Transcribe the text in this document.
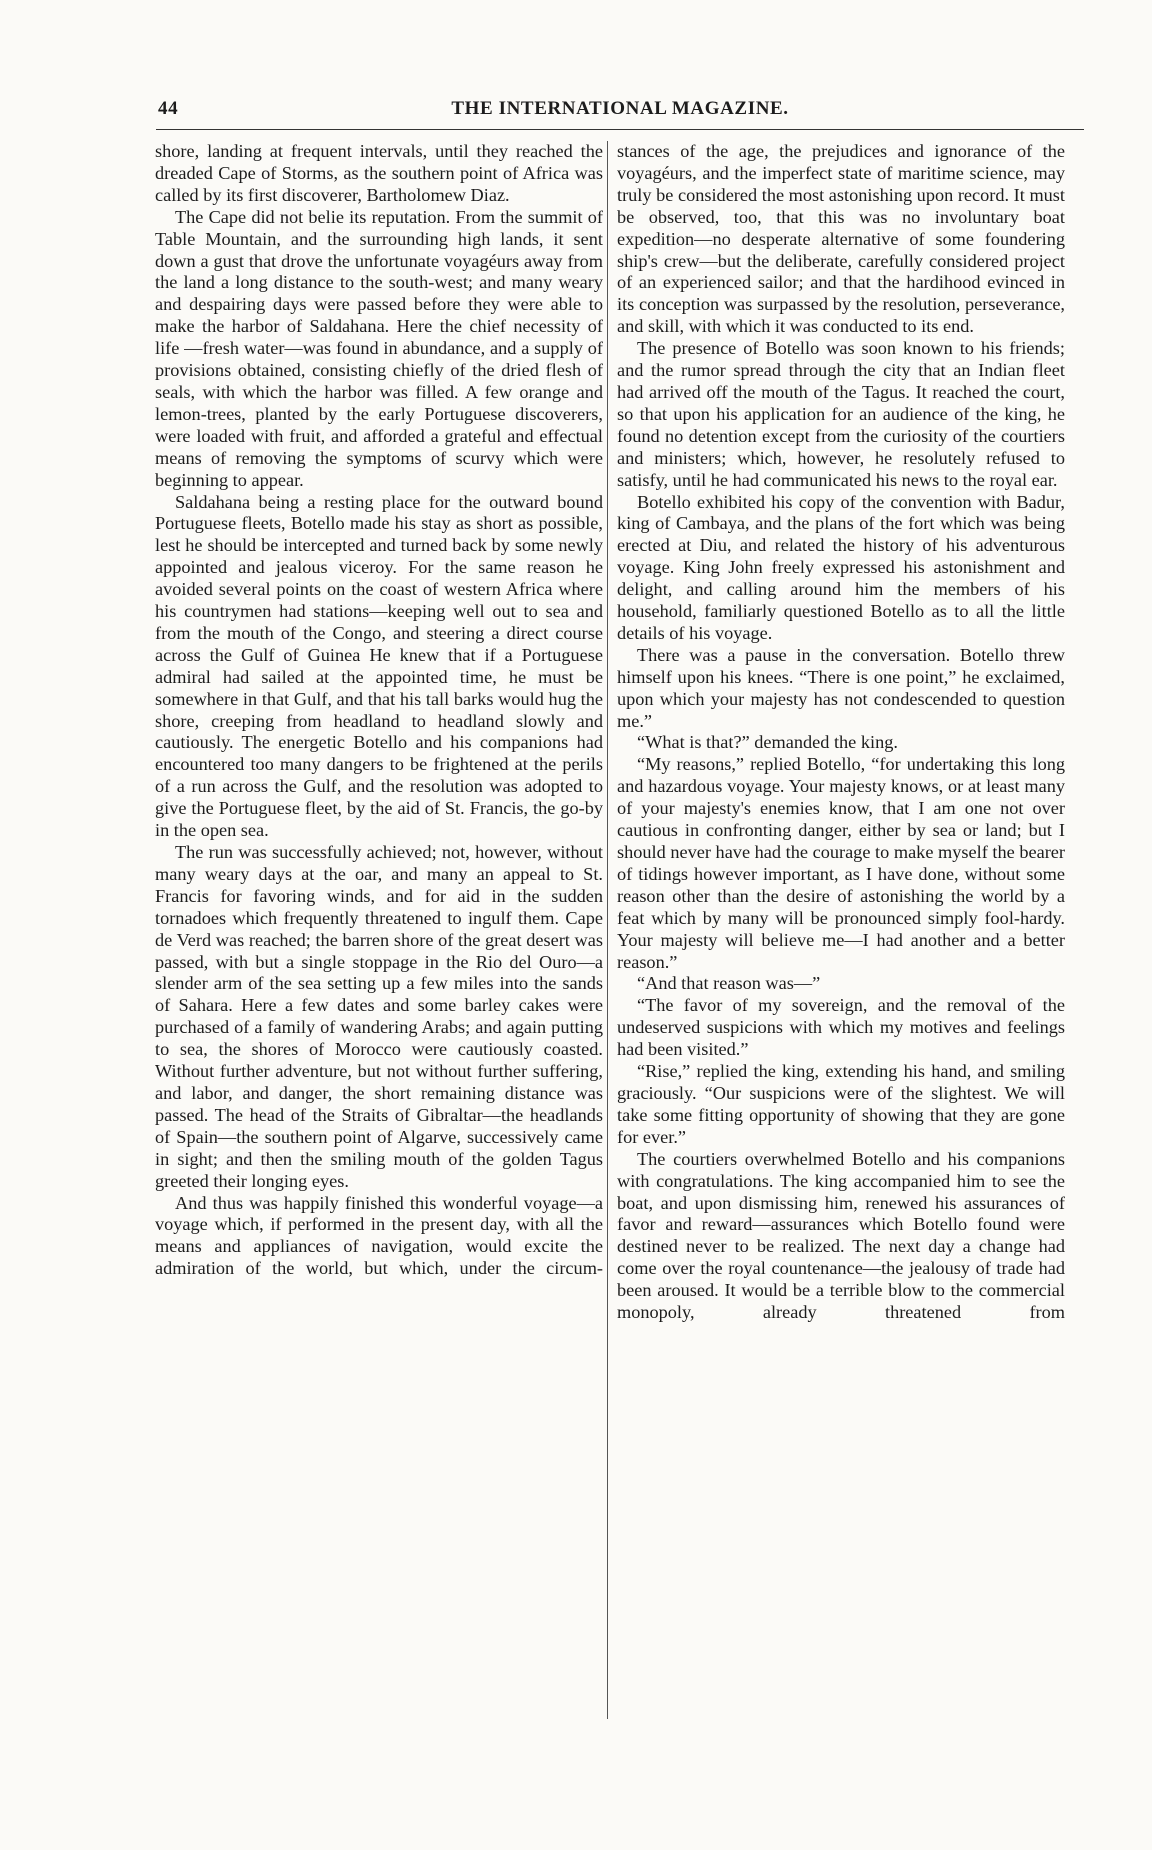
44	THE INTERNATIONAL MAGAZINE.

shore, landing at frequent intervals, until they reached the dreaded Cape of Storms, as the southern point of Africa was called by its first discoverer, Bartholomew Diaz.

The Cape did not belie its reputation. From the summit of Table Mountain, and the surrounding high lands, it sent down a gust that drove the unfortunate voyagéurs away from the land a long distance to the south-west; and many weary and despairing days were passed before they were able to make the harbor of Saldahana. Here the chief necessity of life —fresh water—was found in abundance, and a supply of provisions obtained, consisting chiefly of the dried flesh of seals, with which the harbor was filled. A few orange and lemon-trees, planted by the early Portuguese discoverers, were loaded with fruit, and afforded a grateful and effectual means of removing the symptoms of scurvy which were beginning to appear.

Saldahana being a resting place for the outward bound Portuguese fleets, Botello made his stay as short as possible, lest he should be intercepted and turned back by some newly appointed and jealous viceroy. For the same reason he avoided several points on the coast of western Africa where his countrymen had stations—keeping well out to sea and from the mouth of the Congo, and steering a direct course across the Gulf of Guinea He knew that if a Portuguese admiral had sailed at the appointed time, he must be somewhere in that Gulf, and that his tall barks would hug the shore, creeping from headland to headland slowly and cautiously. The energetic Botello and his companions had encountered too many dangers to be frightened at the perils of a run across the Gulf, and the resolution was adopted to give the Portuguese fleet, by the aid of St. Francis, the go-by in the open sea.

The run was successfully achieved; not, however, without many weary days at the oar, and many an appeal to St. Francis for favoring winds, and for aid in the sudden tornadoes which frequently threatened to ingulf them. Cape de Verd was reached; the barren shore of the great desert was passed, with but a single stoppage in the Rio del Ouro—a slender arm of the sea setting up a few miles into the sands of Sahara. Here a few dates and some barley cakes were purchased of a family of wandering Arabs; and again putting to sea, the shores of Morocco were cautiously coasted. Without further adventure, but not without further suffering, and labor, and danger, the short remaining distance was passed. The head of the Straits of Gibraltar—the headlands of Spain—the southern point of Algarve, successively came in sight; and then the smiling mouth of the golden Tagus greeted their longing eyes.

And thus was happily finished this wonderful voyage—a voyage which, if performed in the present day, with all the means and appliances of navigation, would excite the admiration of the world, but which, under the circum-

stances of the age, the prejudices and ignorance of the voyagéurs, and the imperfect state of maritime science, may truly be considered the most astonishing upon record. It must be observed, too, that this was no involuntary boat expedition—no desperate alternative of some foundering ship's crew—but the deliberate, carefully considered project of an experienced sailor; and that the hardihood evinced in its conception was surpassed by the resolution, perseverance, and skill, with which it was conducted to its end.

The presence of Botello was soon known to his friends; and the rumor spread through the city that an Indian fleet had arrived off the mouth of the Tagus. It reached the court, so that upon his application for an audience of the king, he found no detention except from the curiosity of the courtiers and ministers; which, however, he resolutely refused to satisfy, until he had communicated his news to the royal ear.

Botello exhibited his copy of the convention with Badur, king of Cambaya, and the plans of the fort which was being erected at Diu, and related the history of his adventurous voyage. King John freely expressed his astonishment and delight, and calling around him the members of his household, familiarly questioned Botello as to all the little details of his voyage.

There was a pause in the conversation. Botello threw himself upon his knees. “There is one point,” he exclaimed, upon which your majesty has not condescended to question me.”

“What is that?” demanded the king.

“My reasons,” replied Botello, “for undertaking this long and hazardous voyage. Your majesty knows, or at least many of your majesty's enemies know, that I am one not over cautious in confronting danger, either by sea or land; but I should never have had the courage to make myself the bearer of tidings however important, as I have done, without some reason other than the desire of astonishing the world by a feat which by many will be pronounced simply fool-hardy. Your majesty will believe me—I had another and a better reason.”

“And that reason was—”

“The favor of my sovereign, and the removal of the undeserved suspicions with which my motives and feelings had been visited.”

“Rise,” replied the king, extending his hand, and smiling graciously. “Our suspicions were of the slightest. We will take some fitting opportunity of showing that they are gone for ever.”

The courtiers overwhelmed Botello and his companions with congratulations. The king accompanied him to see the boat, and upon dismissing him, renewed his assurances of favor and reward—assurances which Botello found were destined never to be realized. The next day a change had come over the royal countenance—the jealousy of trade had been aroused. It would be a terrible blow to the commercial monopoly, already threatened from
